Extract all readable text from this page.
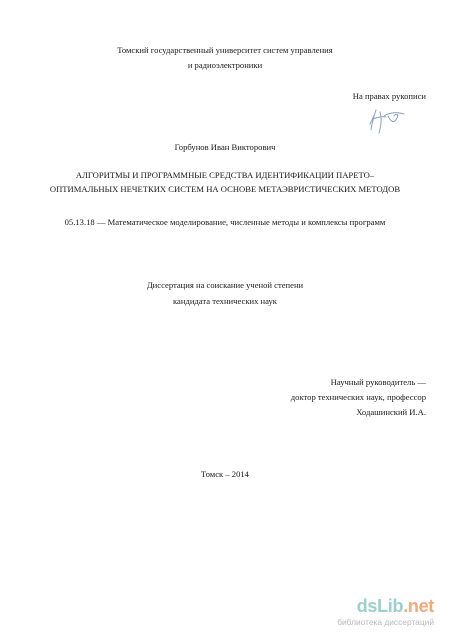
Томский государственный университет систем управления
и радиоэлектроники
На правах рукописи
Горбунов Иван Викторович
АЛГОРИТМЫ И ПРОГРАММНЫЕ СРЕДСТВА ИДЕНТИФИКАЦИИ ПАРЕТО–
ОПТИМАЛЬНЫХ НЕЧЕТКИХ СИСТЕМ НА ОСНОВЕ МЕТАЭВРИСТИЧЕСКИХ МЕТОДОВ
05.13.18 — Математическое моделирование, численные методы и комплексы программ
Диссертация на соискание ученой степени
кандидата технических наук
Научный руководитель —
доктор технических наук, профессор
Ходашинский И.А.
Томск – 2014
dsLib.net
библиотека диссертаций
